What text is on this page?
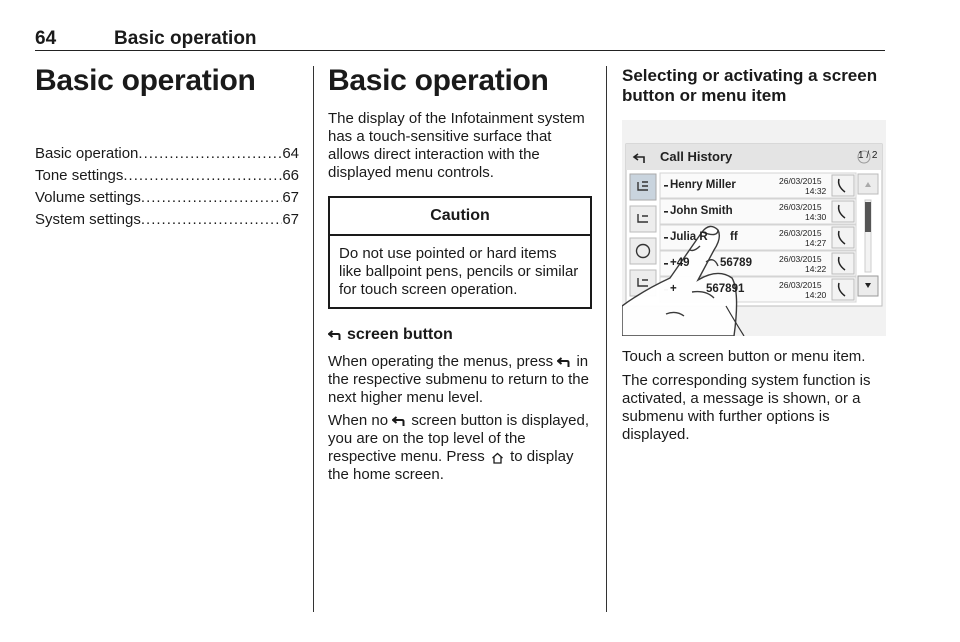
64	Basic operation
Basic operation
Basic operation .....	64
Tone settings .....	66
Volume settings .....	67
System settings .....	67
Basic operation

The display of the Infotainment system has a touch-sensitive surface that allows direct interaction with the displayed menu controls.

Caution
Do not use pointed or hard items like ballpoint pens, pencils or similar for touch screen operation.
screen button

When operating the menus, press
in the respective submenu to return to the next higher menu level.

When no
screen button is displayed, you are on the top level of the respective menu. Press
to display the home screen.

Selecting or activating a screen button or menu item
Call History	1 / 2
Henry Miller	26/03/2015
14:32
John Smith	26/03/2015
14:30
Julia R ff	26/03/2015
14:27
+49	56789	26/03/2015
14:22
+	567891	26/03/2015
14:20

Touch a screen button or menu item.

The corresponding system function is activated, a message is shown, or a submenu with further options is displayed.
